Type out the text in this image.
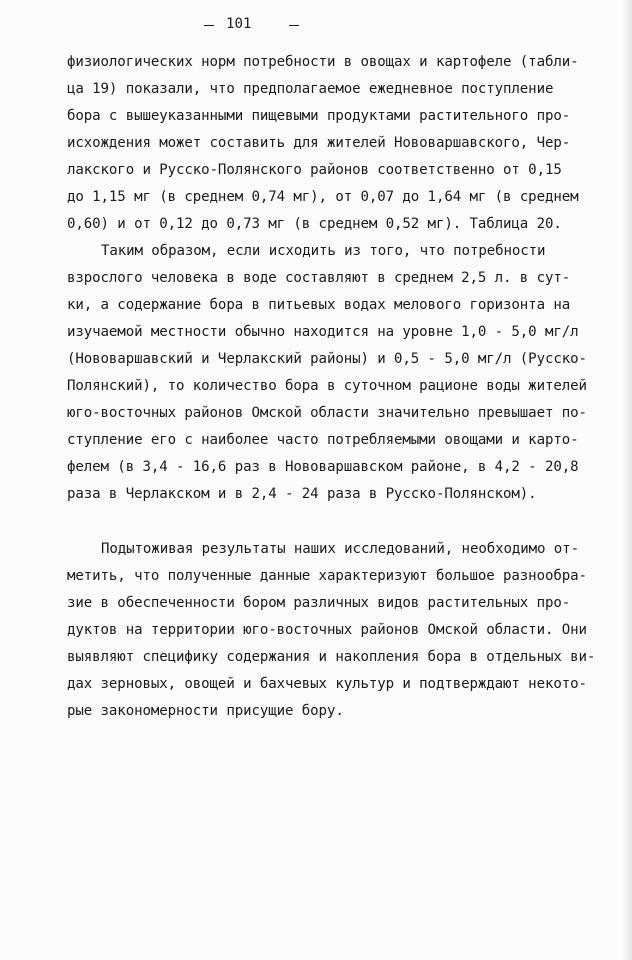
101
физиологических норм потребности в овощах и картофеле (табли-
ца 19) показали, что предполагаемое ежедневное поступление
бора с вышеуказанными пищевыми продуктами растительного про-
исхождения может составить для жителей Нововаршавского, Чер-
лакского и Русско-Полянского районов соответственно от 0,15
до 1,15 мг (в среднем 0,74 мг), от 0,07 до 1,64 мг (в среднем
0,60) и от 0,12 до 0,73 мг (в среднем 0,52 мг). Таблица 20.
Таким образом, если исходить из того, что потребности
взрослого человека в воде составляют в среднем 2,5 л. в сут-
ки, а содержание бора в питьевых водах мелового горизонта на
изучаемой местности обычно находится на уровне 1,0 - 5,0 мг/л
(Нововаршавский и Черлакский районы) и 0,5 - 5,0 мг/л (Русско-
Полянский), то количество бора в суточном рационе воды жителей
юго-восточных районов Омской области значительно превышает по-
ступление его с наиболее часто потребляемыми овощами и карто-
фелем (в 3,4 - 16,6 раз в Нововаршавском районе, в 4,2 - 20,8
раза в Черлакском и в 2,4 - 24 раза в Русско-Полянском).
Подытоживая результаты наших исследований, необходимо от-
метить, что полученные данные характеризуют большое разнообра-
зие в обеспеченности бором различных видов растительных про-
дуктов на территории юго-восточных районов Омской области. Они
выявляют специфику содержания и накопления бора в отдельных ви-
дах зерновых, овощей и бахчевых культур и подтверждают некото-
рые закономерности присущие бору.
